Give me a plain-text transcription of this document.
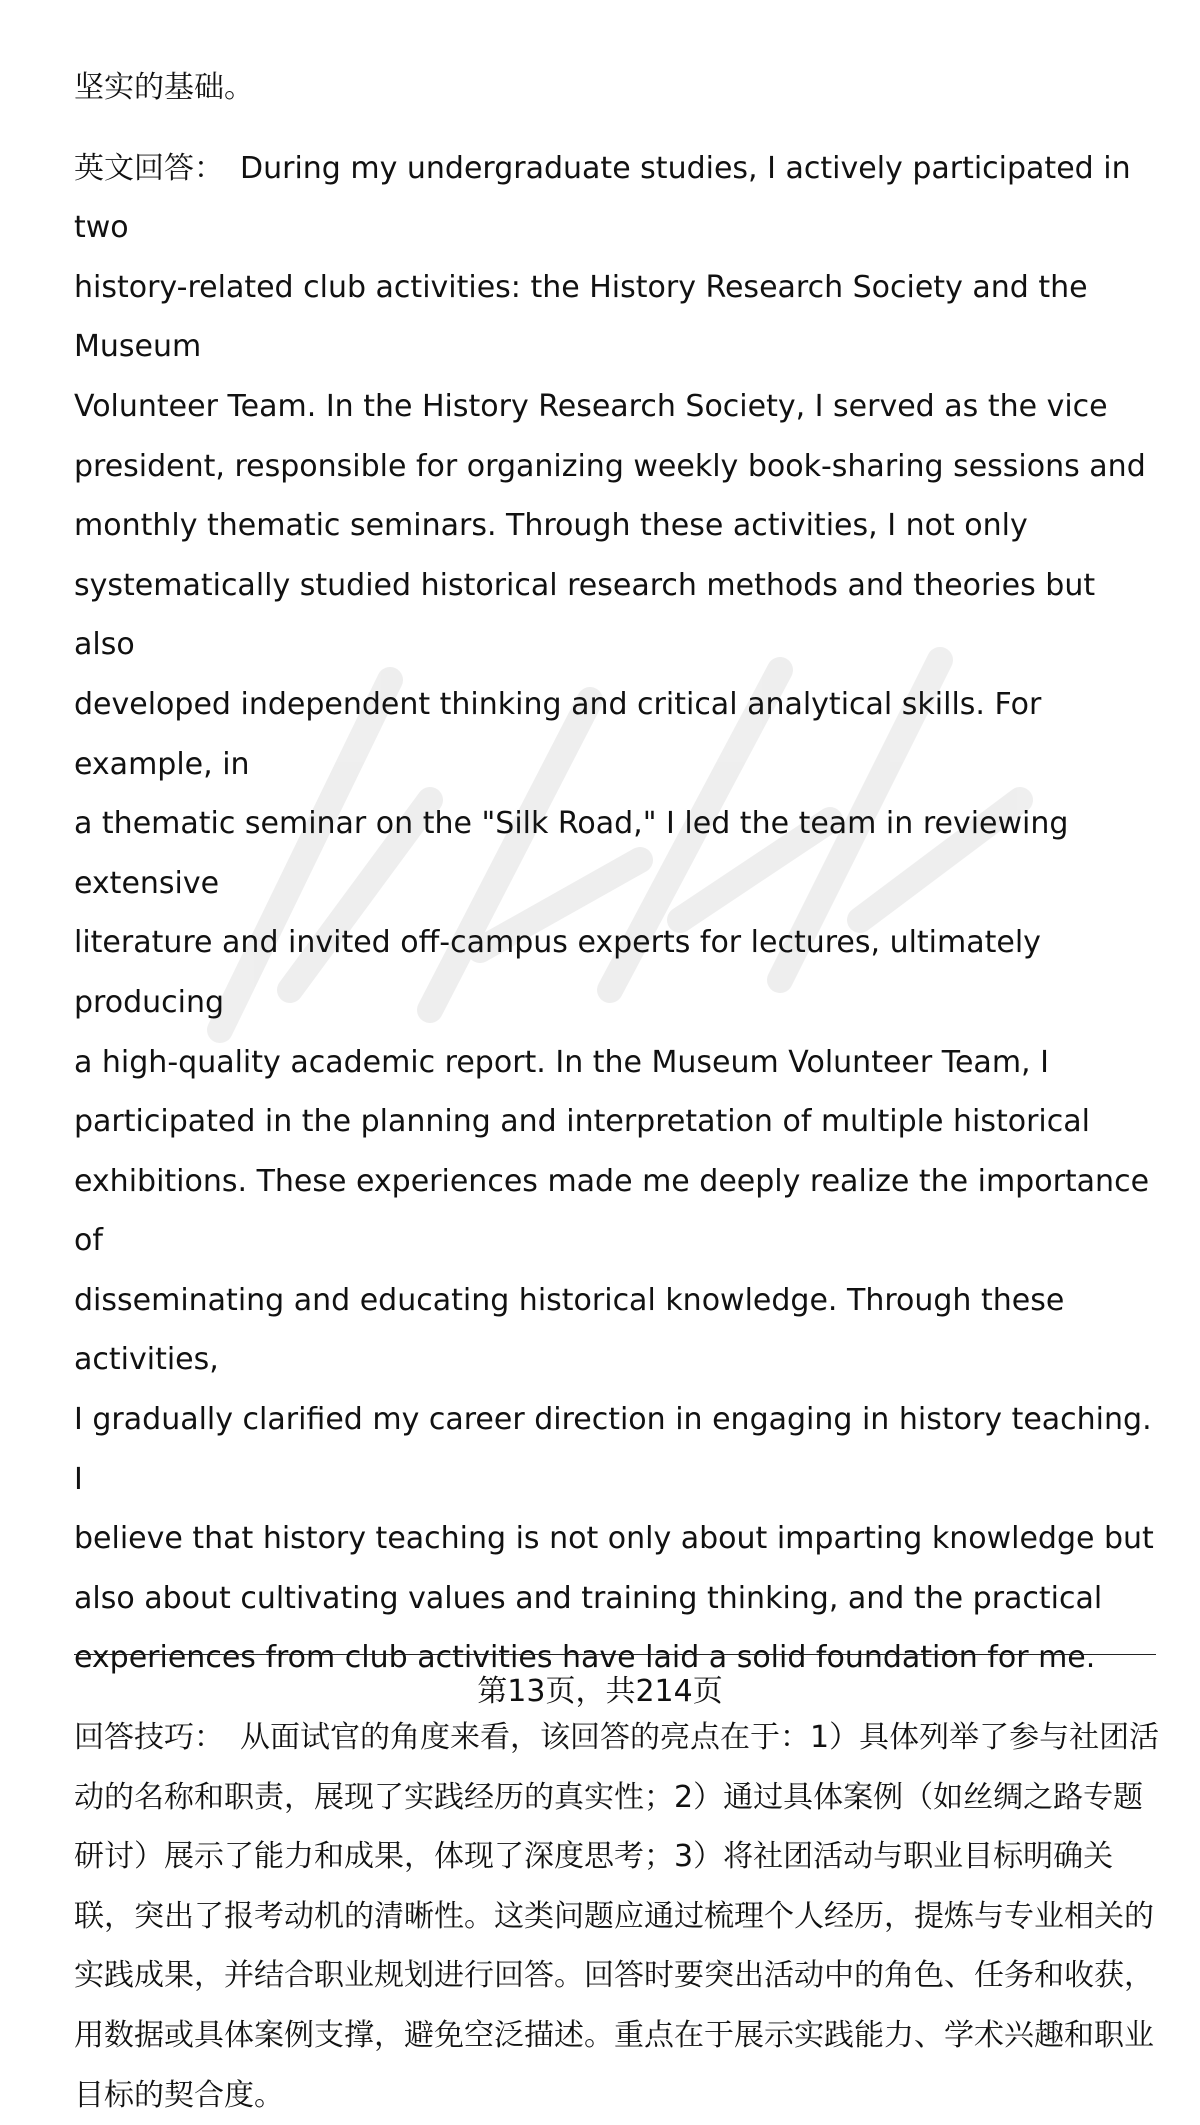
坚实的基础。

英文回答： During my undergraduate studies, I actively participated in two
history-related club activities: the History Research Society and the Museum
Volunteer Team. In the History Research Society, I served as the vice
president, responsible for organizing weekly book-sharing sessions and
monthly thematic seminars. Through these activities, I not only
systematically studied historical research methods and theories but also
developed independent thinking and critical analytical skills. For example, in
a thematic seminar on the "Silk Road," I led the team in reviewing extensive
literature and invited off-campus experts for lectures, ultimately producing
a high-quality academic report. In the Museum Volunteer Team, I
participated in the planning and interpretation of multiple historical
exhibitions. These experiences made me deeply realize the importance of
disseminating and educating historical knowledge. Through these activities,
I gradually clarified my career direction in engaging in history teaching. I
believe that history teaching is not only about imparting knowledge but
also about cultivating values and training thinking, and the practical
experiences from club activities have laid a solid foundation for me.

回答技巧： 从面试官的角度来看，该回答的亮点在于：1）具体列举了参与社团活
动的名称和职责，展现了实践经历的真实性；2）通过具体案例（如丝绸之路专题
研讨）展示了能力和成果，体现了深度思考；3）将社团活动与职业目标明确关
联，突出了报考动机的清晰性。这类问题应通过梳理个人经历，提炼与专业相关的
实践成果，并结合职业规划进行回答。回答时要突出活动中的角色、任务和收获，
用数据或具体案例支撑，避免空泛描述。重点在于展示实践能力、学术兴趣和职业
目标的契合度。

第13页，共214页
